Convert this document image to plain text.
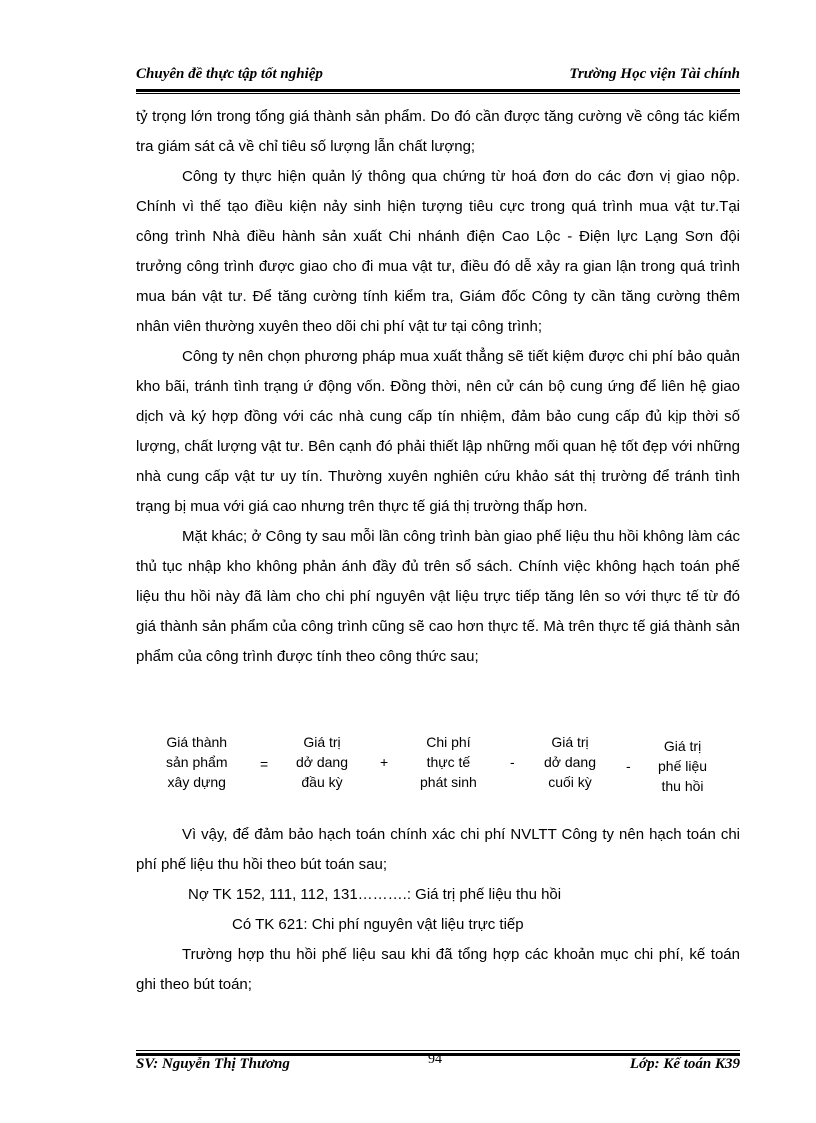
Chuyên đề thực tập tốt nghiệp	Trường Học viện Tài chính

tỷ trọng lớn trong tổng giá thành sản phẩm. Do đó cần được tăng cường về công tác kiểm tra giám sát cả về chỉ tiêu số lượng lẫn chất lượng;

Công ty thực hiện quản lý thông qua chứng từ hoá đơn do các đơn vị giao nộp. Chính vì thế tạo điều kiện nảy sinh hiện tượng tiêu cực trong quá trình mua vật tư.Tại công trình Nhà điều hành sản xuất Chi nhánh điện Cao Lộc - Điện lực Lạng Sơn đội trưởng công trình được giao cho đi mua vật tư, điều đó dễ xảy ra gian lận trong quá trình mua bán vật tư. Để tăng cường tính kiểm tra, Giám đốc Công ty cần tăng cường thêm nhân viên thường xuyên theo dõi chi phí vật tư tại công trình;

Công ty nên chọn phương pháp mua xuất thẳng sẽ tiết kiệm được chi phí bảo quản kho bãi, tránh tình trạng ứ động vốn. Đồng thời, nên cử cán bộ cung ứng để liên hệ giao dịch và ký hợp đồng với các nhà cung cấp tín nhiệm, đảm bảo cung cấp đủ kịp thời số lượng, chất lượng vật tư. Bên cạnh đó phải thiết lập những mối quan hệ tốt đẹp với những nhà cung cấp vật tư uy tín. Thường xuyên nghiên cứu khảo sát thị trường để tránh tình trạng bị mua với giá cao nhưng trên thực tế giá thị trường thấp hơn.

Mặt khác; ở Công ty sau mỗi lần công trình bàn giao phế liệu thu hồi không làm các thủ tục nhập kho không phản ánh đầy đủ trên sổ sách. Chính việc không hạch toán phế liệu thu hồi này đã làm cho chi phí nguyên vật liệu trực tiếp tăng lên so với thực tế từ đó giá thành sản phẩm của công trình cũng sẽ cao hơn thực tế. Mà trên thực tế giá thành sản phẩm của công trình được tính theo công thức sau;

Giá thành
sản phẩm
xây dựng
=
Giá trị
dở dang
đầu kỳ
+
Chi phí
thực tế
phát sinh
-
Giá trị
dở dang
cuối kỳ
-
Giá trị
phế liệu
thu hồi

Vì vậy, để đảm bảo hạch toán chính xác chi phí NVLTT Công ty nên hạch toán chi phí phế liệu thu hồi theo bút toán sau;

Nợ TK 152, 111, 112, 131……….: Giá trị phế liệu thu hồi

Có TK 621: Chi phí nguyên vật liệu trực tiếp

Trường hợp thu hồi phế liệu sau khi đã tổng hợp các khoản mục chi phí, kế toán ghi theo bút toán;

SV: Nguyễn Thị Thương	94	Lớp: Kế toán K39
